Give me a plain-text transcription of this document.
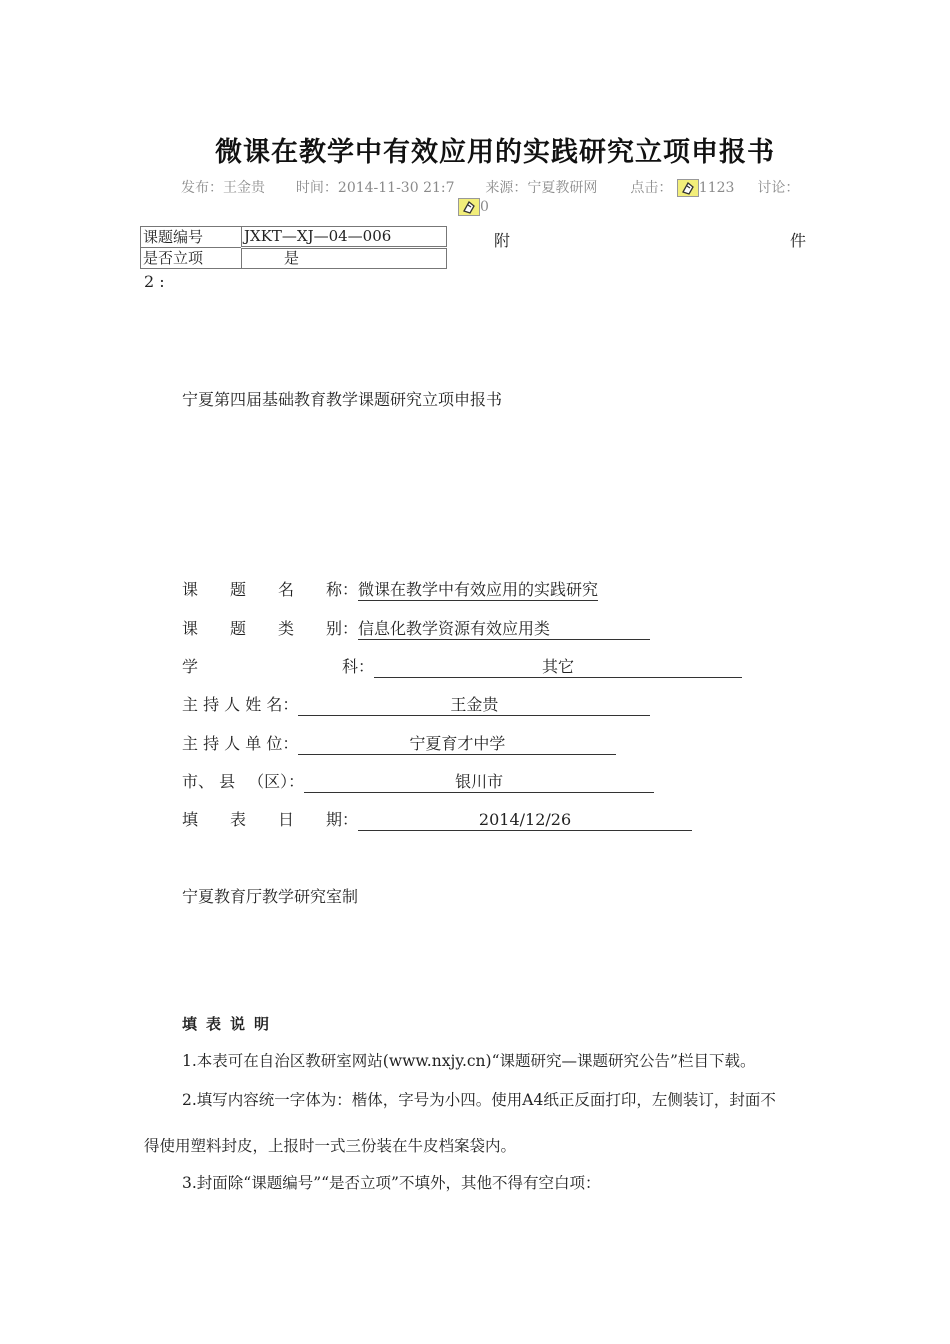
微课在教学中有效应用的实践研究立项申报书
发布：王金贵 时间：2014-11-30 21:7 来源：宁夏教研网 点击： 1123 讨论：
0
课题编号	JXKT—XJ—04—006
是否立项	是
附	件
2 :
宁夏第四届基础教育教学课题研究立项申报书
课　　题　　名　　称：微课在教学中有效应用的实践研究
课　　题　　类　　别：信息化教学资源有效应用类
学　　　　　　　　　科：	其它
主 持 人 姓 名：	王金贵
主 持 人 单 位：	宁夏育才中学
市、 县 　（区）：	银川市
填　　表　　日　　期：	2014/12/26
宁夏教育厅教学研究室制
填表说明
1.本表可在自治区教研室网站(www.nxjy.cn)“课题研究—课题研究公告”栏目下载。
2.填写内容统一字体为：楷体，字号为小四。使用A4纸正反面打印，左侧装订，封面不
得使用塑料封皮，上报时一式三份装在牛皮档案袋内。
3.封面除“课题编号”“是否立项”不填外，其他不得有空白项：
